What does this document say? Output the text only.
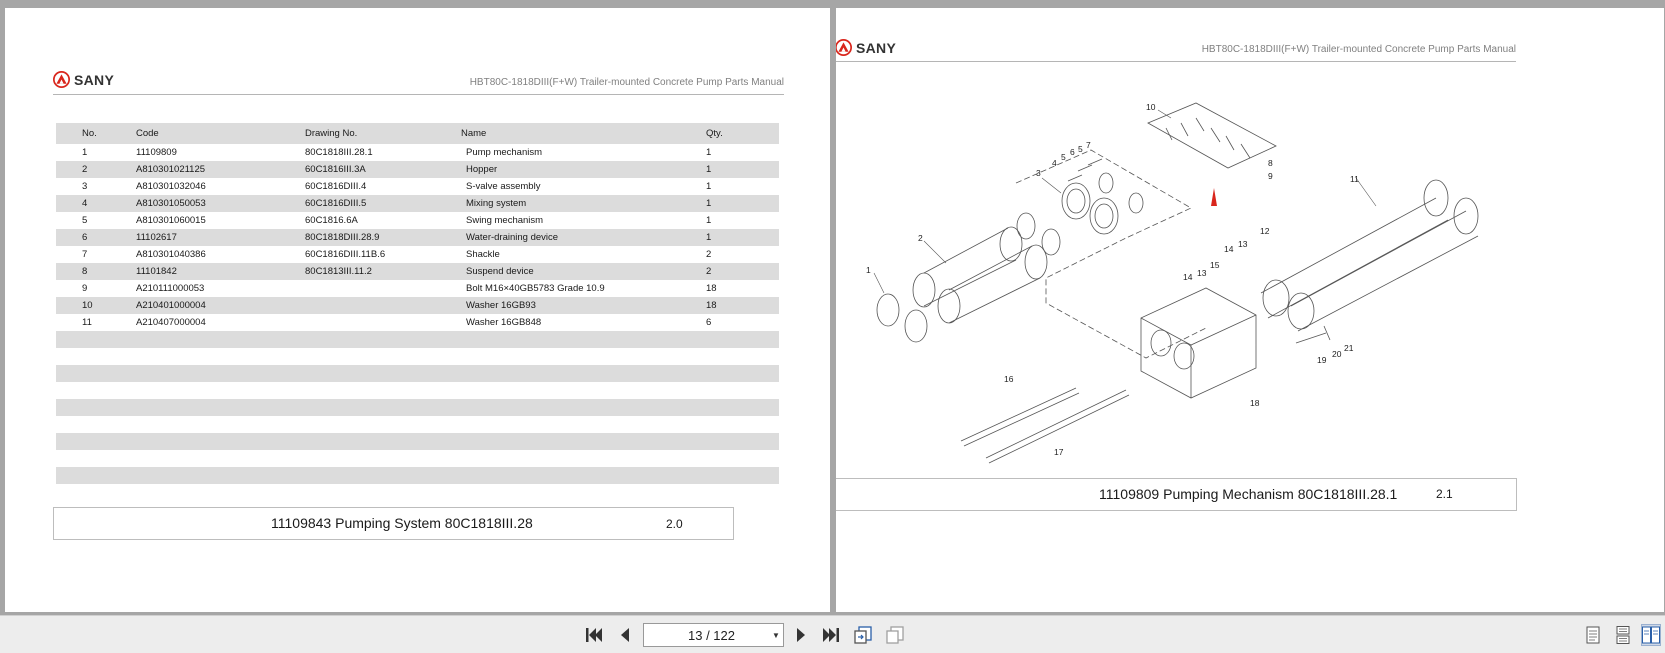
SANY	HBT80C-1818DIII(F+W) Trailer-mounted Concrete Pump Parts Manual
No.	Code	Drawing No.	Name	Qty.
1	11109809	80C1818III.28.1	Pump mechanism	1
2	A810301021125	60C1816III.3A	Hopper	1
3	A810301032046	60C1816DIII.4	S-valve assembly	1
4	A810301050053	60C1816DIII.5	Mixing system	1
5	A810301060015	60C1816.6A	Swing mechanism	1
6	11102617	80C1818DIII.28.9	Water-draining device	1
7	A810301040386	60C1816DIII.11B.6	Shackle	2
8	11101842	80C1813III.11.2	Suspend device	2
9	A210111000053		Bolt M16×40GB5783 Grade 10.9	18
10	A210401000004		Washer 16GB93	18
11	A210407000004		Washer 16GB848	6

11109843 Pumping System 80C1818III.28	2.0
SANY	HBT80C-1818DIII(F+W) Trailer-mounted Concrete Pump Parts Manual
1
2
3
4
5 6 5 7
8
9
10
11
12
13
14
15
14 13
16
17
18
19
20
21
11109809 Pumping Mechanism 80C1818III.28.1	2.1
13 / 122	▼
